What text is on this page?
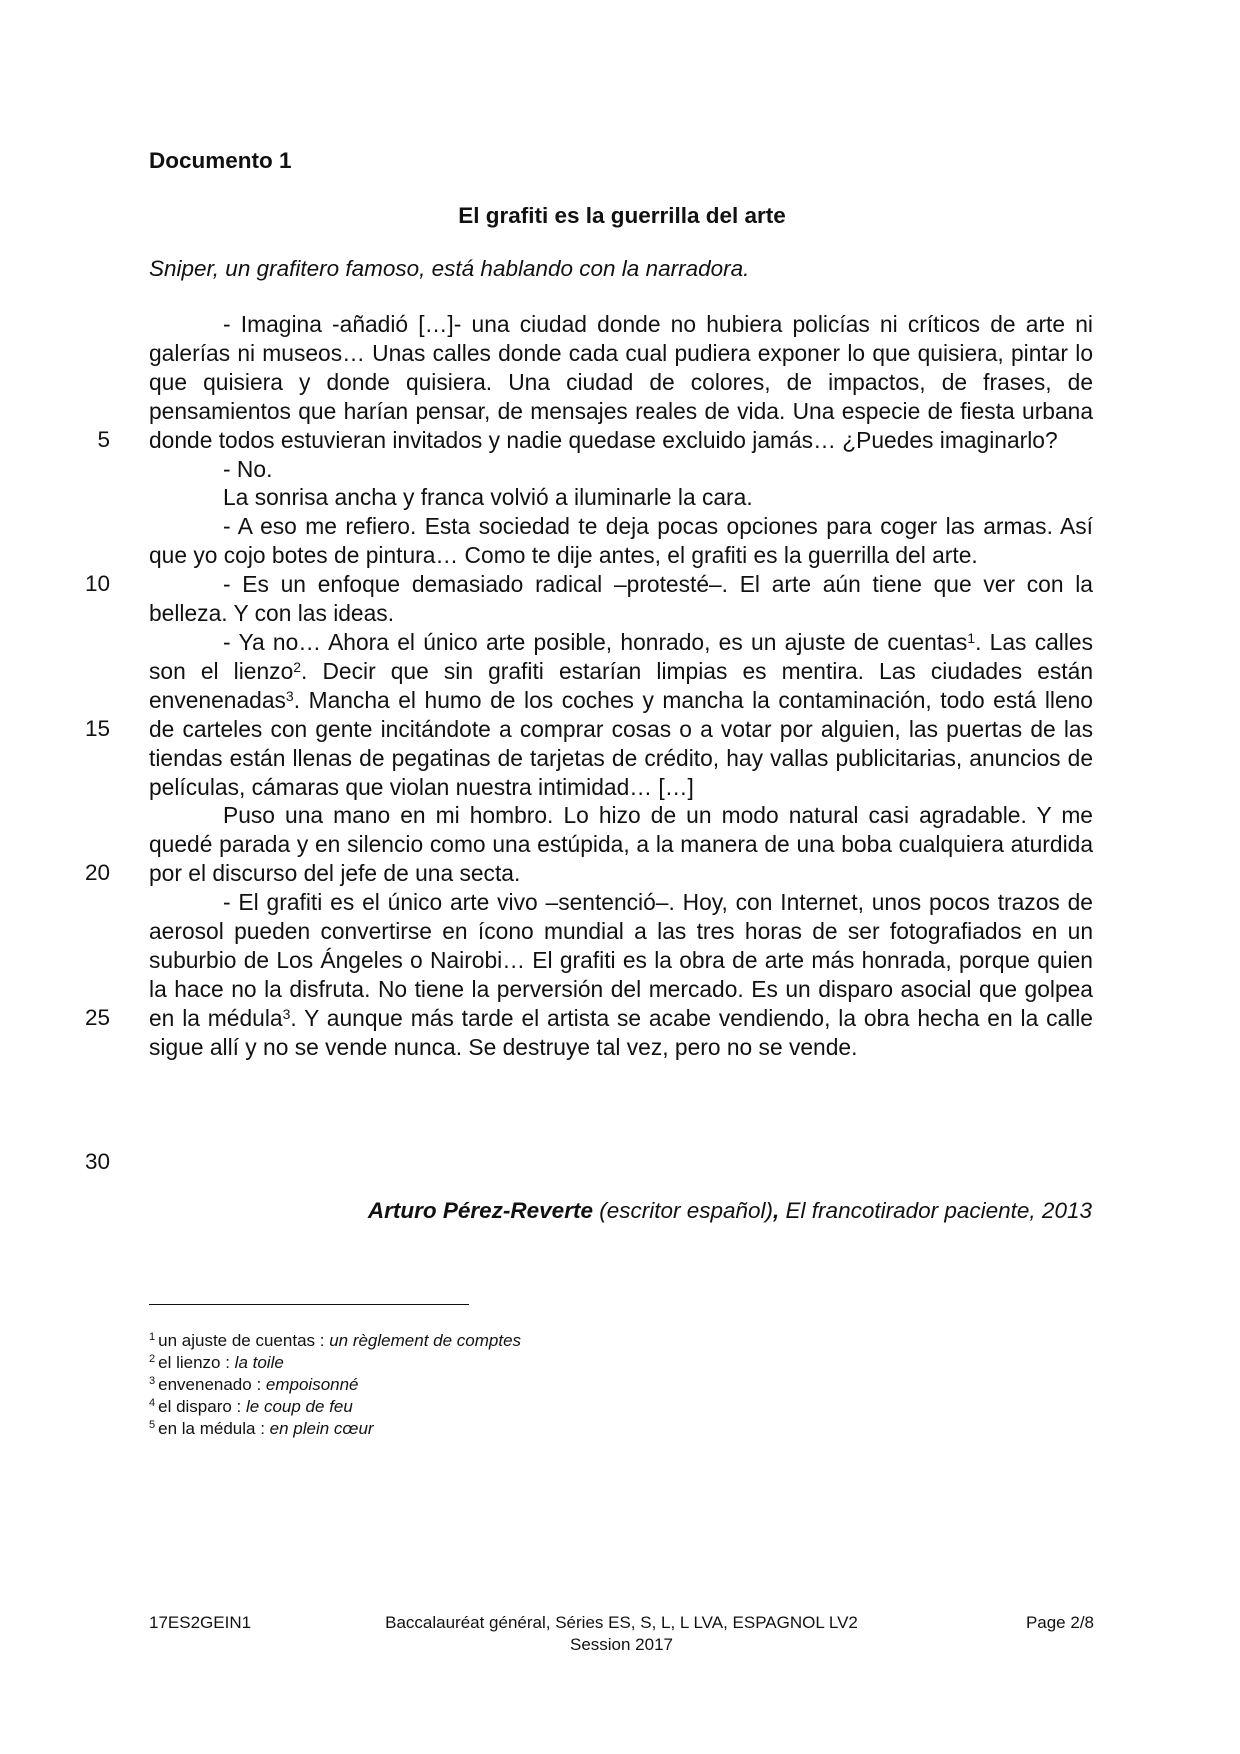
Documento 1
El grafiti es la guerrilla del arte

Sniper, un grafitero famoso, está hablando con la narradora.

- Imagina -añadió […]- una ciudad donde no hubiera policías ni críticos de arte ni galerías ni museos… Unas calles donde cada cual pudiera exponer lo que quisiera, pintar lo que quisiera y donde quisiera. Una ciudad de colores, de impactos, de frases, de pensamientos que harían pensar, de mensajes reales de vida. Una especie de fiesta urbana donde todos estuvieran invitados y nadie quedase excluido jamás… ¿Puedes imaginarlo?

- No.

La sonrisa ancha y franca volvió a iluminarle la cara.

- A eso me refiero. Esta sociedad te deja pocas opciones para coger las armas. Así que yo cojo botes de pintura… Como te dije antes, el grafiti es la guerrilla del arte.

- Es un enfoque demasiado radical –protesté–. El arte aún tiene que ver con la belleza. Y con las ideas.

- Ya no… Ahora el único arte posible, honrado, es un ajuste de cuentas$^1$. Las calles son el lienzo$^2$. Decir que sin grafiti estarían limpias es mentira. Las ciudades están envenenadas$^3$. Mancha el humo de los coches y mancha la contaminación, todo está lleno de carteles con gente incitándote a comprar cosas o a votar por alguien, las puertas de las tiendas están llenas de pegatinas de tarjetas de crédito, hay vallas publicitarias, anuncios de películas, cámaras que violan nuestra intimidad… […]

Puso una mano en mi hombro. Lo hizo de un modo natural casi agradable. Y me quedé parada y en silencio como una estúpida, a la manera de una boba cualquiera aturdida por el discurso del jefe de una secta.

- El grafiti es el único arte vivo –sentenció–. Hoy, con Internet, unos pocos trazos de aerosol pueden convertirse en ícono mundial a las tres horas de ser fotografiados en un suburbio de Los Ángeles o Nairobi… El grafiti es la obra de arte más honrada, porque quien la hace no la disfruta. No tiene la perversión del mercado. Es un disparo asocial que golpea en la médula$^3$. Y aunque más tarde el artista se acabe vendiendo, la obra hecha en la calle sigue allí y no se vende nunca. Se destruye tal vez, pero no se vende.

5
10
15
20
25
30

Arturo Pérez-Reverte (escritor español), El francotirador paciente, 2013

$^1$ un ajuste de cuentas : un règlement de comptes
$^2$ el lienzo : la toile
$^3$ envenenado : empoisonné
$^4$ el disparo : le coup de feu
$^5$ en la médula : en plein cœur
17ES2GEIN1	Baccalauréat général, Séries ES, S, L, L LVA, ESPAGNOL LV2
Session 2017
Page 2/8
